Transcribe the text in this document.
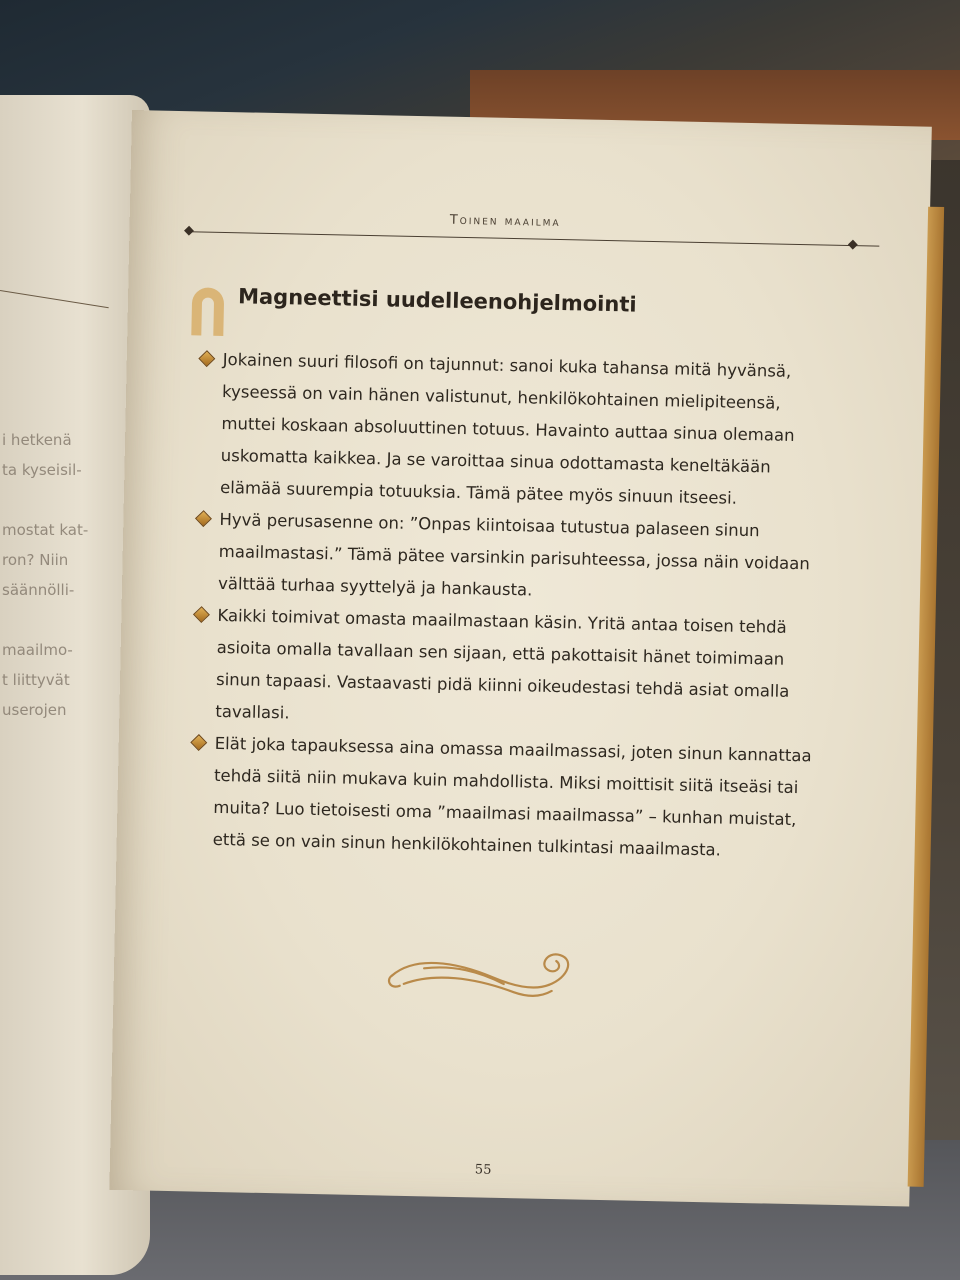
i hetkenä
ta kyseisil-

mostat kat-
ron? Niin
säännölli-

maailmo-
t liittyvät
userojen
Toinen maailma
Magneettisi uudelleenohjelmointi

Jokainen suuri filosofi on tajunnut: sanoi kuka tahansa mitä hyvänsä, kyseessä on vain hänen valistunut, henkilökohtainen mielipiteensä, muttei koskaan absoluuttinen totuus. Havainto auttaa sinua olemaan uskomatta kaikkea. Ja se varoittaa sinua odottamasta keneltäkään elämää suurempia totuuksia. Tämä pätee myös sinuun itseesi.

Hyvä perusasenne on: ”Onpas kiintoisaa tutustua palaseen sinun maailmastasi.” Tämä pätee varsinkin parisuhteessa, jossa näin voidaan välttää turhaa syyttelyä ja hankausta.

Kaikki toimivat omasta maailmastaan käsin. Yritä antaa toisen tehdä asioita omalla tavallaan sen sijaan, että pakottaisit hänet toimimaan sinun tapaasi. Vastaavasti pidä kiinni oikeudestasi tehdä asiat omalla tavallasi.

Elät joka tapauksessa aina omassa maailmassasi, joten sinun kannattaa tehdä siitä niin mukava kuin mahdollista. Miksi moittisit siitä itseäsi tai muita? Luo tietoisesti oma ”maailmasi maailmassa” – kunhan muistat, että se on vain sinun henkilökohtainen tulkintasi maailmasta.

55
